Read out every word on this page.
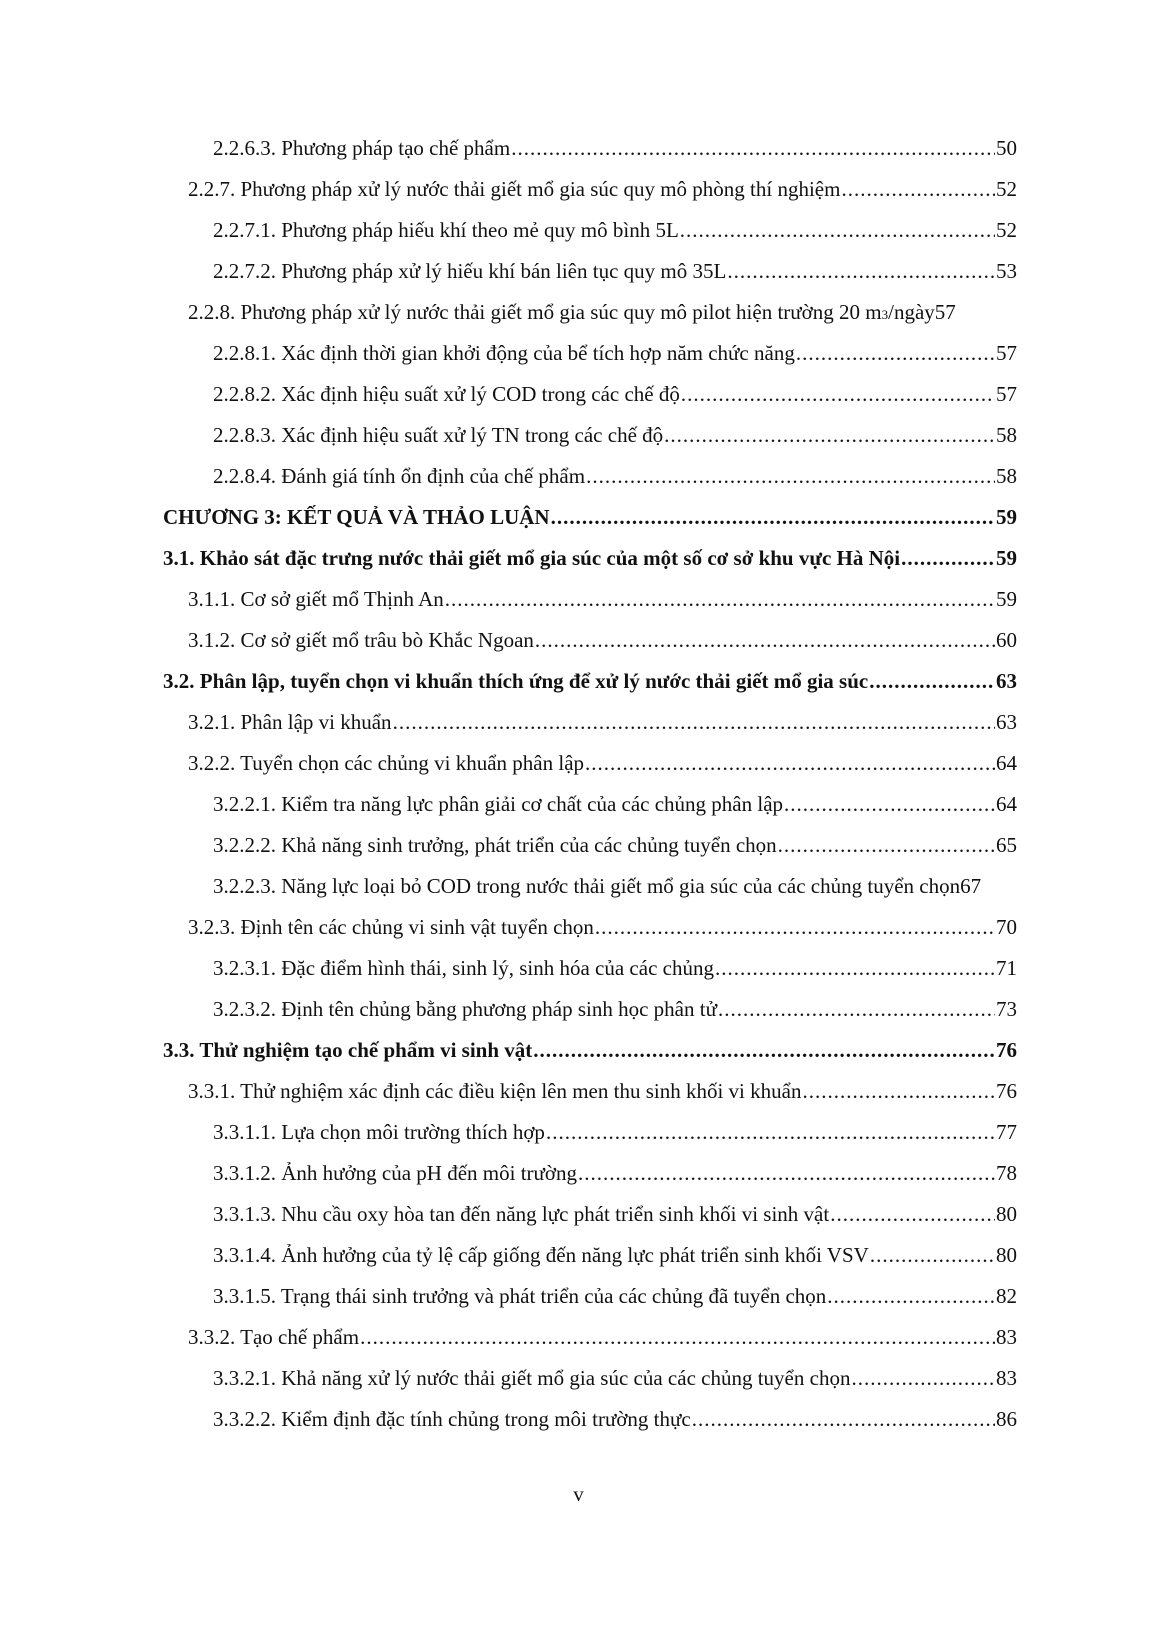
2.2.6.3. Phương pháp tạo chế phẩm .....	50
2.2.7. Phương pháp xử lý nước thải giết mổ gia súc quy mô phòng thí nghiệm .....	52
2.2.7.1. Phương pháp hiếu khí theo mẻ quy mô bình 5L .....	52
2.2.7.2. Phương pháp xử lý hiếu khí bán liên tục quy mô 35L .....	53
2.2.8. Phương pháp xử lý nước thải giết mổ gia súc quy mô pilot hiện trường 20 m 3 /ngày 57
2.2.8.1. Xác định thời gian khởi động của bể tích hợp năm chức năng .....	57
2.2.8.2. Xác định hiệu suất xử lý COD trong các chế độ .....	57
2.2.8.3. Xác định hiệu suất xử lý TN trong các chế độ .....	58
2.2.8.4. Đánh giá tính ổn định của chế phẩm .....	58
CHƯƠNG 3: KẾT QUẢ VÀ THẢO LUẬN .....	59
3.1. Khảo sát đặc trưng nước thải giết mổ gia súc của một số cơ sở khu vực Hà Nội .....	59
3.1.1. Cơ sở giết mổ Thịnh An .....	59
3.1.2. Cơ sở giết mổ trâu bò Khắc Ngoan .....	60
3.2. Phân lập, tuyển chọn vi khuẩn thích ứng để xử lý nước thải giết mổ gia súc .....	63
3.2.1. Phân lập vi khuẩn .....	63
3.2.2. Tuyển chọn các chủng vi khuẩn phân lập .....	64
3.2.2.1. Kiểm tra năng lực phân giải cơ chất của các chủng phân lập .....	64
3.2.2.2. Khả năng sinh trưởng, phát triển của các chủng tuyển chọn .....	65
3.2.2.3. Năng lực loại bỏ COD trong nước thải giết mổ gia súc của các chủng tuyển chọn 67
3.2.3. Định tên các chủng vi sinh vật tuyển chọn .....	70
3.2.3.1. Đặc điểm hình thái, sinh lý, sinh hóa của các chủng .....	71
3.2.3.2. Định tên chủng bằng phương pháp sinh học phân tử .....	73
3.3. Thử nghiệm tạo chế phẩm vi sinh vật .....	76
3.3.1. Thử nghiệm xác định các điều kiện lên men thu sinh khối vi khuẩn .....	76
3.3.1.1. Lựa chọn môi trường thích hợp .....	77
3.3.1.2. Ảnh hưởng của pH đến môi trường .....	78
3.3.1.3. Nhu cầu oxy hòa tan đến năng lực phát triển sinh khối vi sinh vật .....	80
3.3.1.4. Ảnh hưởng của tỷ lệ cấp giống đến năng lực phát triển sinh khối VSV .....	80
3.3.1.5. Trạng thái sinh trưởng và phát triển của các chủng đã tuyển chọn .....	82
3.3.2. Tạo chế phẩm .....	83
3.3.2.1. Khả năng xử lý nước thải giết mổ gia súc của các chủng tuyển chọn .....	83
3.3.2.2. Kiểm định đặc tính chủng trong môi trường thực .....	86
v
